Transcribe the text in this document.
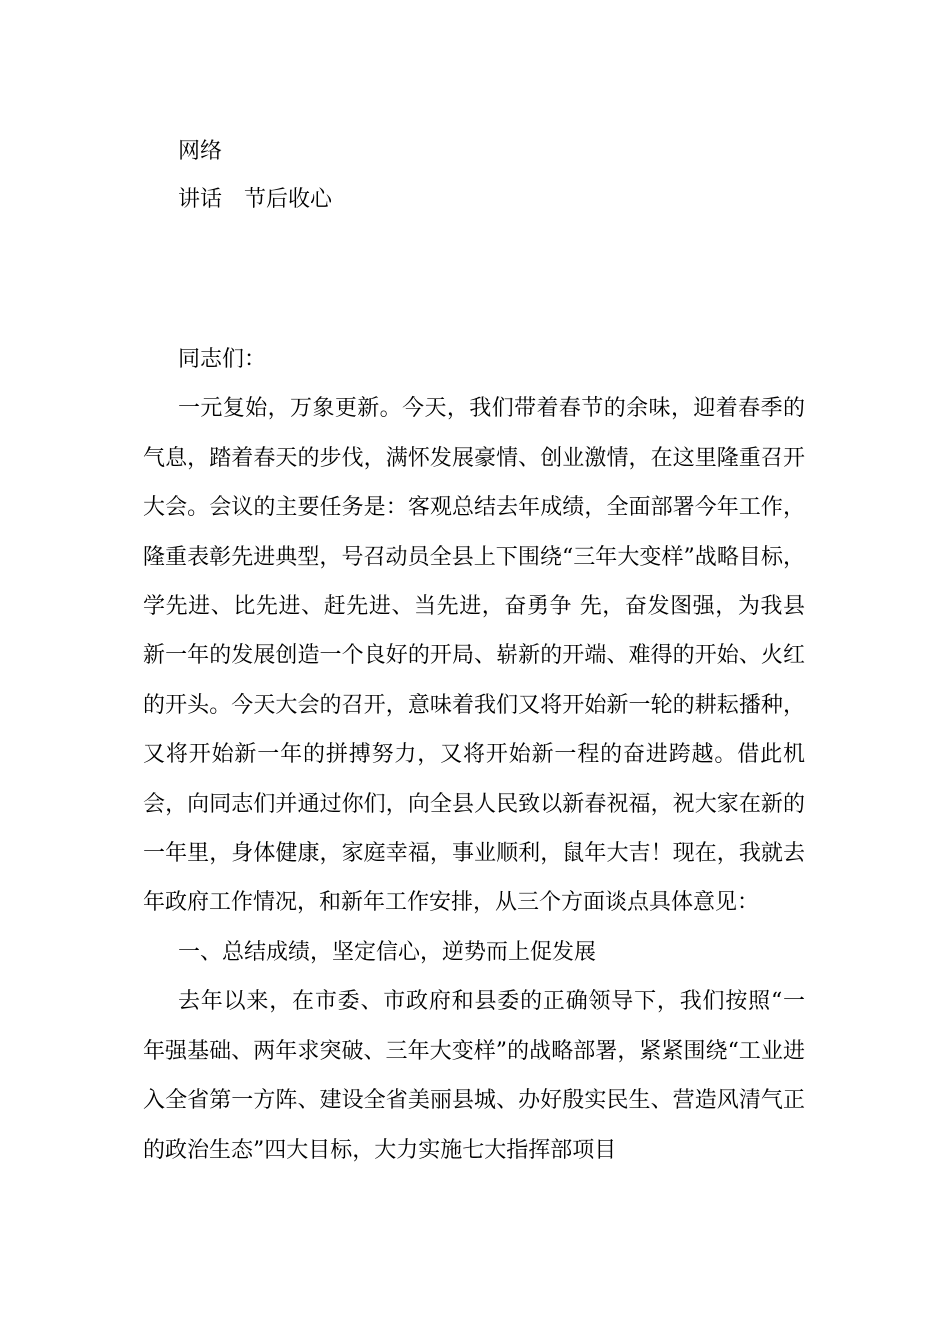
网络
讲话 节后收心

同志们：

一元复始，万象更新。今天，我们带着春节的余味，迎着春季的气息，踏着春天的步伐，满怀发展豪情、创业激情，在这里隆重召开大会。会议的主要任务是：客观总结去年成绩，全面部署今年工作，隆重表彰先进典型，号召动员全县上下围绕“三年大变样”战略目标，学先进、比先进、赶先进、当先进，奋勇争 先，奋发图强，为我县新一年的发展创造一个良好的开局、崭新的开端、难得的开始、火红的开头。今天大会的召开，意味着我们又将开始新一轮的耕耘播种，又将开始新一年的拼搏努力，又将开始新一程的奋进跨越。借此机会，向同志们并通过你们，向全县人民致以新春祝福，祝大家在新的一年里，身体健康，家庭幸福，事业顺利，鼠年大吉！现在，我就去年政府工作情况，和新年工作安排，从三个方面谈点具体意见：

一、总结成绩，坚定信心，逆势而上促发展

去年以来，在市委、市政府和县委的正确领导下，我们按照“一年强基础、两年求突破、三年大变样”的战略部署，紧紧围绕“工业进入全省第一方阵、建设全省美丽县城、办好殷实民生、营造风清气正的政治生态”四大目标，大力实施七大指挥部项目
